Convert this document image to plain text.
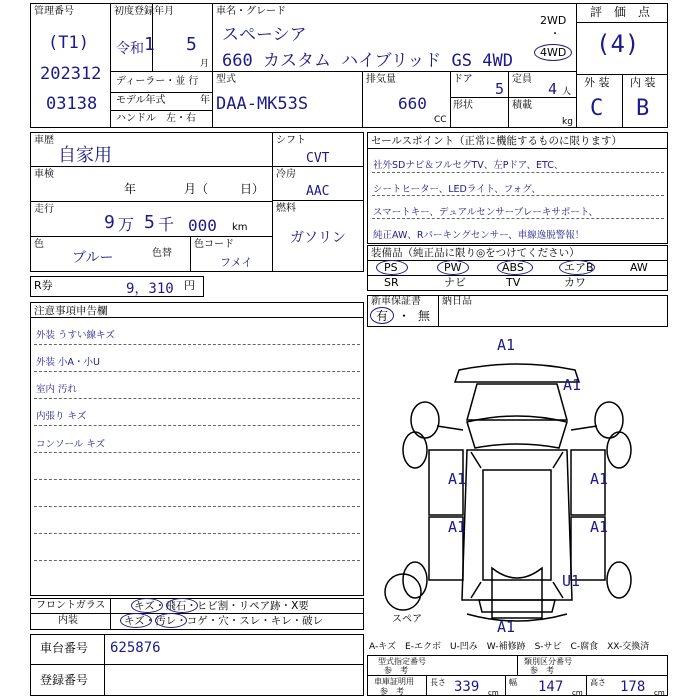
管理番号
(T1)
202312
03138
初度登録年月
令和 1 5
月
ディーラー・並 行
モデル年式	年
ハンドル　左・右
車名・グレード
スペーシア
660 カスタム ハイブリッド GS 4WD
2WD
・
4WD
型式
DAA-MK53S
排気量
660
CC
ドア
5
定員
4 人
形状	積載
kg
評　価　点
(4)
外 装 内 装
C B
車歴
自家用
車検
年	月（	日）
走行
9 万 5 千 000 km
色
ブルー	色替
色コード
フメイ
シフト
CVT
冷房
AAC
燃料
ガソリン
R券	9，310 円
セールスポイント（正常に機能するものに限ります）
社外SDナビ＆フルセグTV、左Pドア、ETC、
シートヒーター、LEDライト、フォグ、
スマートキー、デュアルセンサーブレーキサポート、
純正AW、Rパーキングセンサー、車線逸脱警報！
装備品（純正品に限り◎をつけてください）
PS	PW	ABS	エアB	AW
SR	ナビ	TV	カワ
注意事項申告欄
外装 うすい線キズ
外装 小A・小U
室内 汚れ
内張り キズ
コンソール キズ
新車保証書
有 ・ 無
納日品
A1
A1
A1	A1
A1	A1
U1
A1
スペア
フロントガラス	キズ・飛石・ヒビ割・リペア跡・X要
内装	キズ・汚レ・コゲ・穴・スレ・キレ・破レ
車台番号 625876
登録番号
A-キズ　E-エクボ　U-凹み　W-補修跡　S-サビ　C-腐食　XX-交換済
型式指定番号
参　考
類別区分番号
参　考
車庫証明用
参　考
長さ 339 cm
幅 147 cm
高さ 178 cm
